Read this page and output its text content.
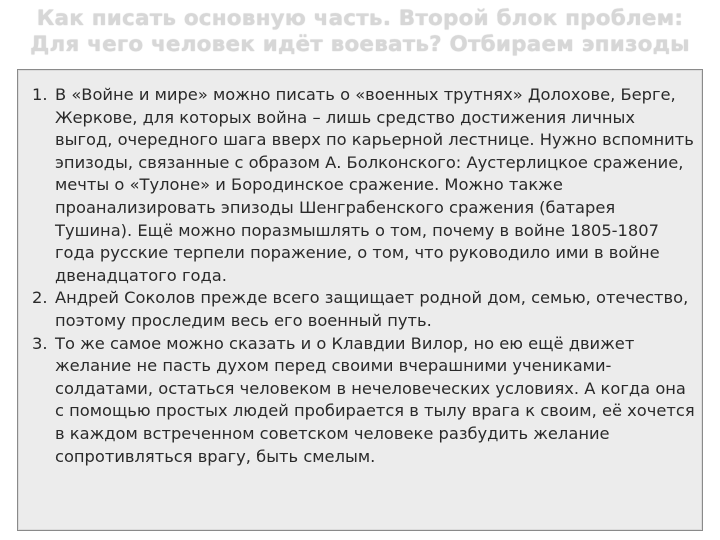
Как писать основную часть. Второй блок проблем: Для чего человек идёт воевать? Отбираем эпизоды
1. В «Войне и мире» можно писать о «военных трутнях» Долохове, Берге, Жеркове, для которых война – лишь средство достижения личных выгод, очередного шага вверх по карьерной лестнице. Нужно вспомнить эпизоды, связанные с образом А. Болконского: Аустерлицкое сражение, мечты о «Тулоне» и Бородинское сражение. Можно также проанализировать эпизоды Шенграбенского сражения (батарея Тушина). Ещё можно поразмышлять о том, почему в войне 1805-1807 года русские терпели поражение, о том, что руководило ими в войне двенадцатого года.
2. Андрей Соколов прежде всего защищает родной дом, семью, отечество, поэтому проследим весь его военный путь.
3. То же самое можно сказать и о Клавдии Вилор, но ею ещё движет желание не пасть духом перед своими вчерашними учениками-солдатами, остаться человеком в нечеловеческих условиях. А когда она с помощью простых людей пробирается в тылу врага к своим, её хочется в каждом встреченном советском человеке разбудить желание сопротивляться врагу, быть смелым.
